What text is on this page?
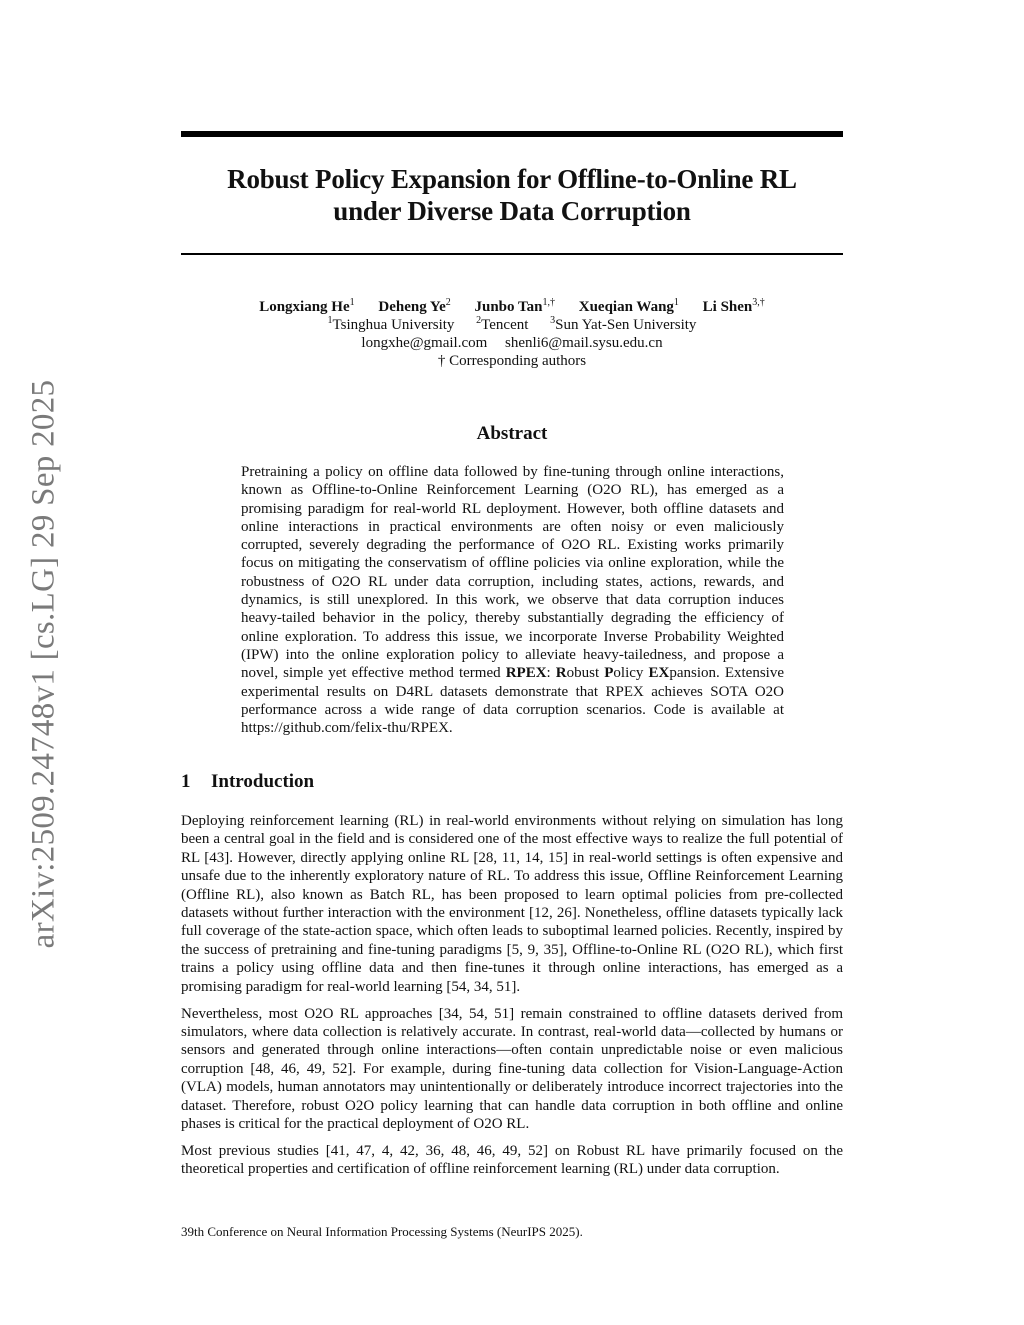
arXiv:2509.24748v1 [cs.LG] 29 Sep 2025
Robust Policy Expansion for Offline-to-Online RL
under Diverse Data Corruption
Longxiang He$^1$ Deheng Ye$^2$ Junbo Tan$^{1,\dagger}$ Xueqian Wang$^1$ Li Shen$^{3,\dagger}$
$^1$Tsinghua University $^2$Tencent $^3$Sun Yat-Sen University
longxhe@gmail.com shenli6@mail.sysu.edu.cn
† Corresponding authors
Abstract
Pretraining a policy on offline data followed by fine-tuning through online interactions, known as Offline-to-Online Reinforcement Learning (O2O RL), has emerged as a promising paradigm for real-world RL deployment. However, both offline datasets and online interactions in practical environments are often noisy or even maliciously corrupted, severely degrading the performance of O2O RL. Existing works primarily focus on mitigating the conservatism of offline policies via online exploration, while the robustness of O2O RL under data corruption, including states, actions, rewards, and dynamics, is still unexplored. In this work, we observe that data corruption induces heavy-tailed behavior in the policy, thereby substantially degrading the efficiency of online exploration. To address this issue, we incorporate Inverse Probability Weighted (IPW) into the online exploration policy to alleviate heavy-tailedness, and propose a novel, simple yet effective method termed RPEX: Robust Policy EXpansion. Extensive experimental results on D4RL datasets demonstrate that RPEX achieves SOTA O2O performance across a wide range of data corruption scenarios. Code is available at https://github.com/felix-thu/RPEX.
1 Introduction

Deploying reinforcement learning (RL) in real-world environments without relying on simulation has long been a central goal in the field and is considered one of the most effective ways to realize the full potential of RL [43]. However, directly applying online RL [28, 11, 14, 15] in real-world settings is often expensive and unsafe due to the inherently exploratory nature of RL. To address this issue, Offline Reinforcement Learning (Offline RL), also known as Batch RL, has been proposed to learn optimal policies from pre-collected datasets without further interaction with the environment [12, 26]. Nonetheless, offline datasets typically lack full coverage of the state-action space, which often leads to suboptimal learned policies. Recently, inspired by the success of pretraining and fine-tuning paradigms [5, 9, 35], Offline-to-Online RL (O2O RL), which first trains a policy using offline data and then fine-tunes it through online interactions, has emerged as a promising paradigm for real-world learning [54, 34, 51].

Nevertheless, most O2O RL approaches [34, 54, 51] remain constrained to offline datasets derived from simulators, where data collection is relatively accurate. In contrast, real-world data—collected by humans or sensors and generated through online interactions—often contain unpredictable noise or even malicious corruption [48, 46, 49, 52]. For example, during fine-tuning data collection for Vision-Language-Action (VLA) models, human annotators may unintentionally or deliberately introduce incorrect trajectories into the dataset. Therefore, robust O2O policy learning that can handle data corruption in both offline and online phases is critical for the practical deployment of O2O RL.

Most previous studies [41, 47, 4, 42, 36, 48, 46, 49, 52] on Robust RL have primarily focused on the theoretical properties and certification of offline reinforcement learning (RL) under data corruption.

39th Conference on Neural Information Processing Systems (NeurIPS 2025).
